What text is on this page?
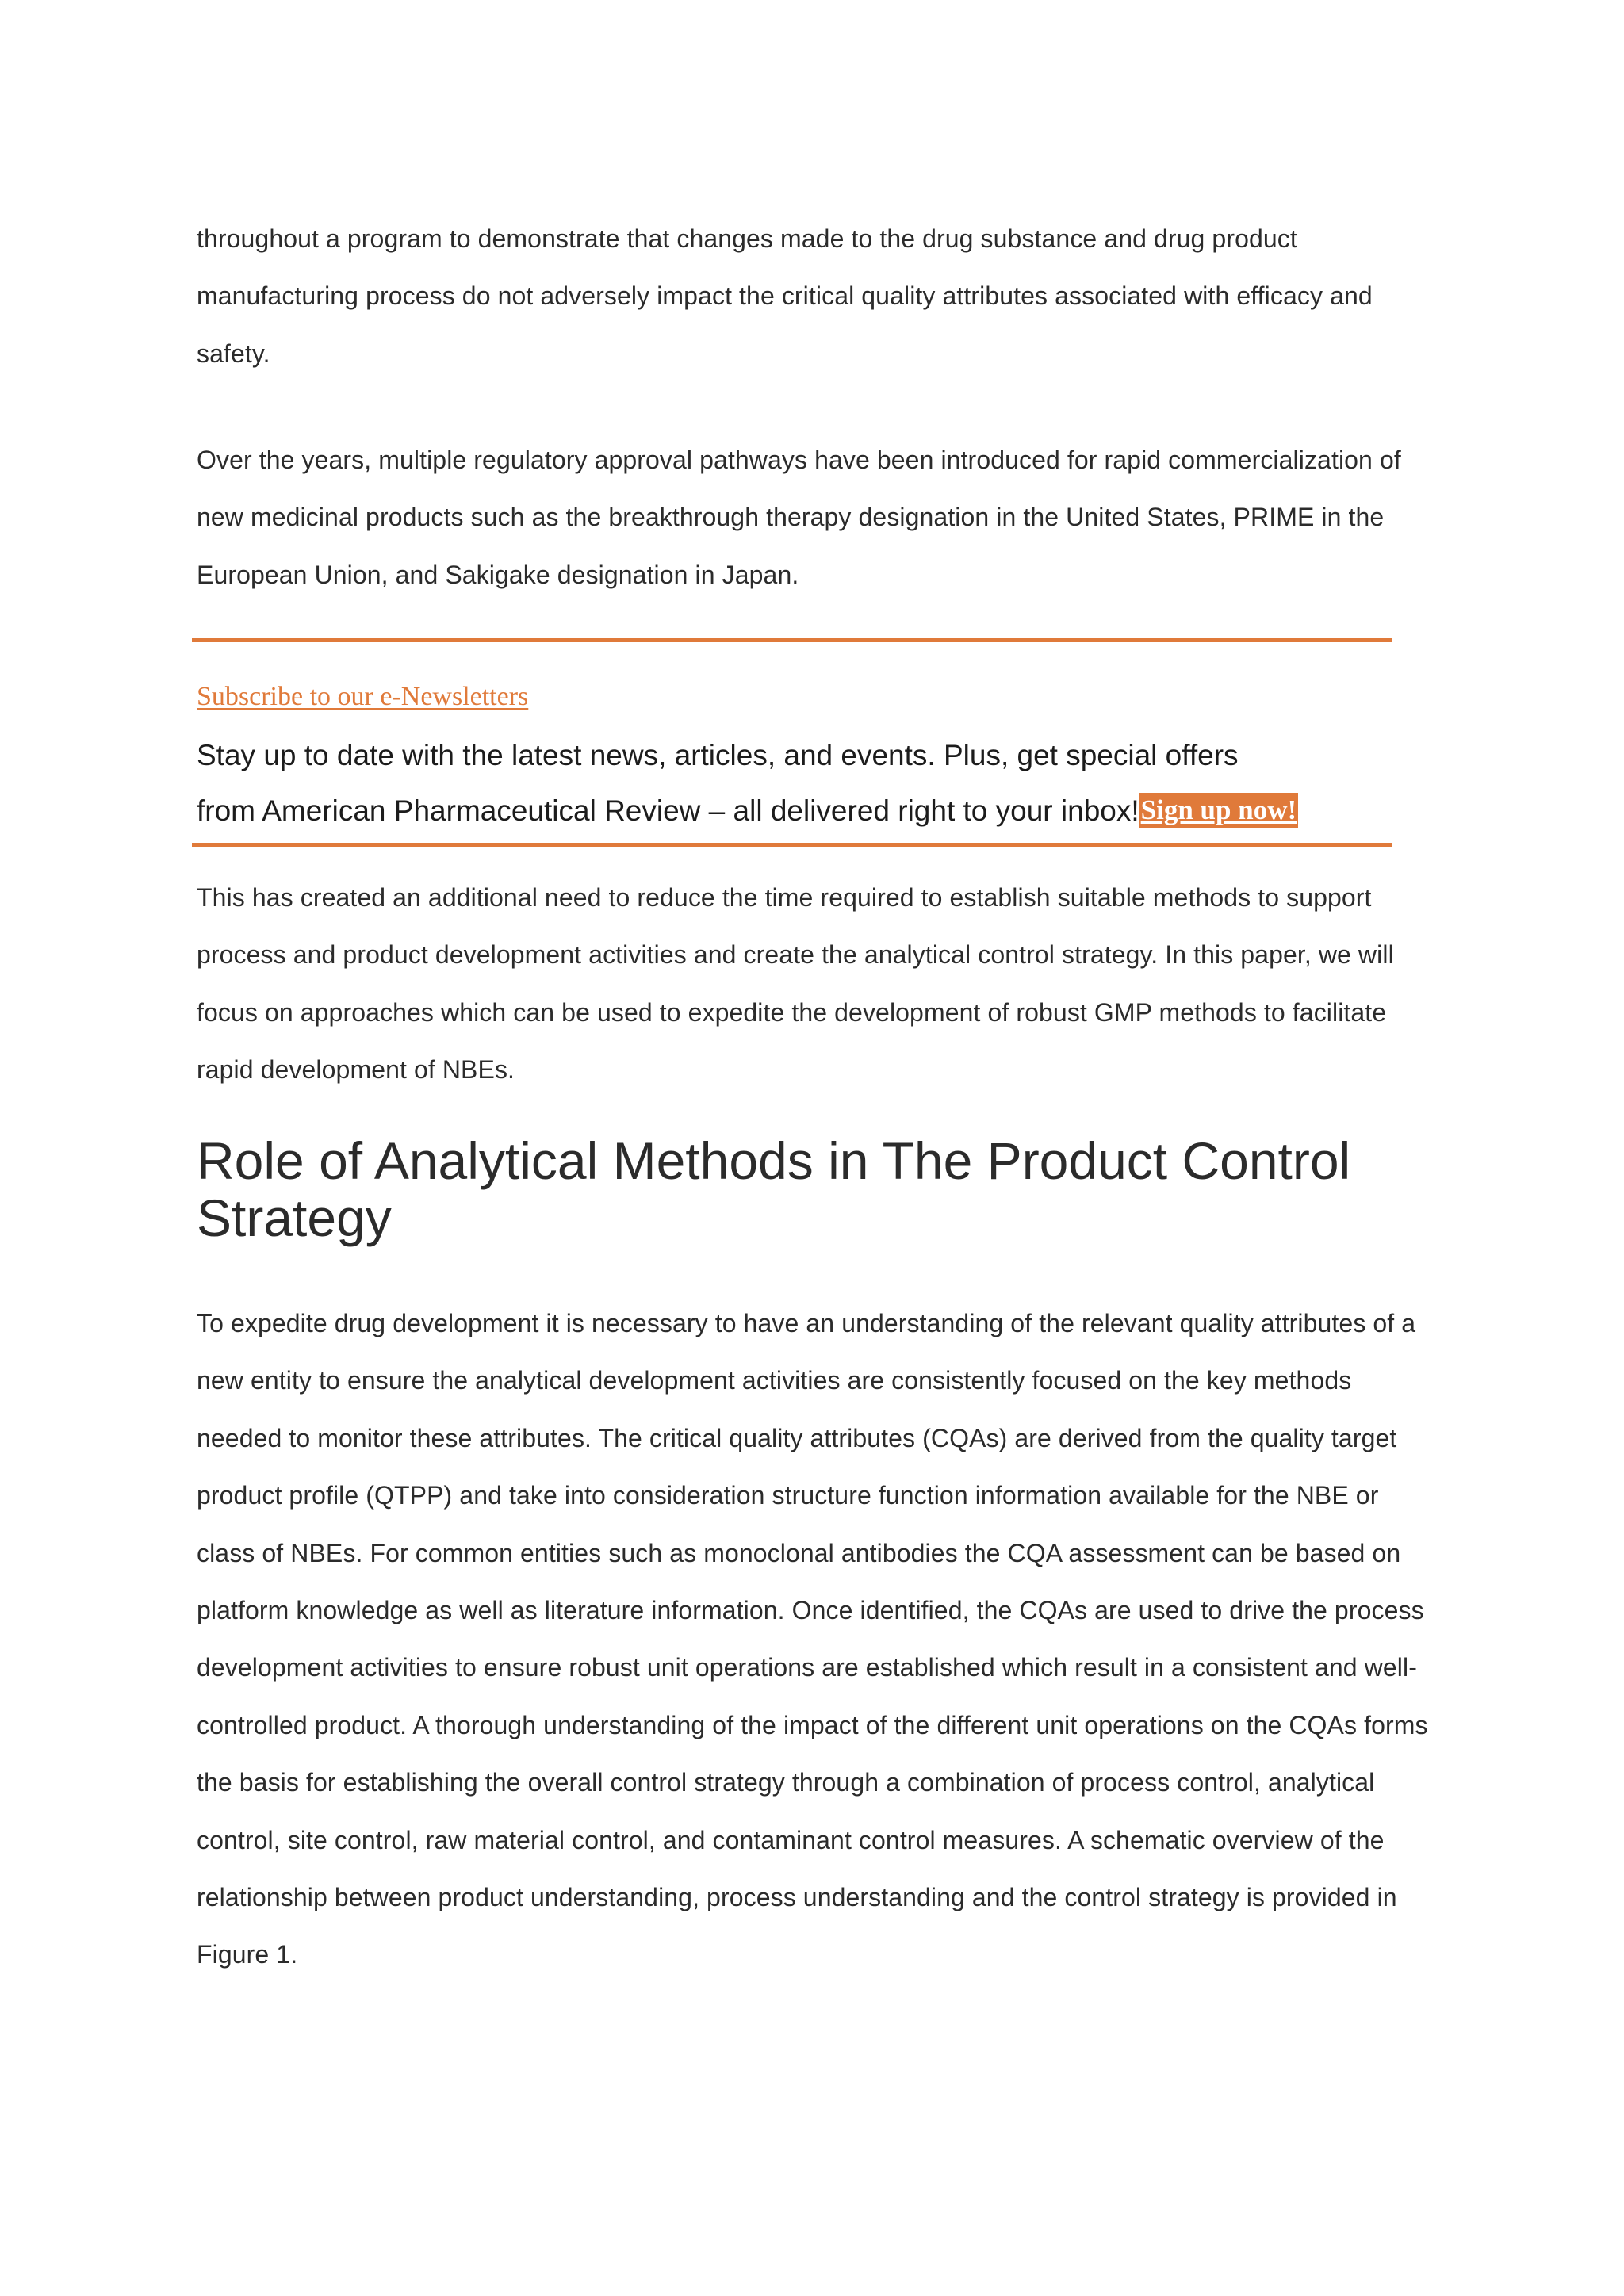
throughout a program to demonstrate that changes made to the drug substance and drug product manufacturing process do not adversely impact the critical quality attributes associated with efficacy and safety.

Over the years, multiple regulatory approval pathways have been introduced for rapid commercialization of new medicinal products such as the breakthrough therapy designation in the United States, PRIME in the European Union, and Sakigake designation in Japan.

Subscribe to our e-Newsletters
Stay up to date with the latest news, articles, and events. Plus, get special offers
from American Pharmaceutical Review – all delivered right to your inbox!Sign up now!

This has created an additional need to reduce the time required to establish suitable methods to support process and product development activities and create the analytical control strategy. In this paper, we will focus on approaches which can be used to expedite the development of robust GMP methods to facilitate rapid development of NBEs.

Role of Analytical Methods in The Product Control Strategy

To expedite drug development it is necessary to have an understanding of the relevant quality attributes of a new entity to ensure the analytical development activities are consistently focused on the key methods needed to monitor these attributes. The critical quality attributes (CQAs) are derived from the quality target product profile (QTPP) and take into consideration structure function information available for the NBE or class of NBEs. For common entities such as monoclonal antibodies the CQA assessment can be based on platform knowledge as well as literature information. Once identified, the CQAs are used to drive the process development activities to ensure robust unit operations are established which result in a consistent and well-controlled product. A thorough understanding of the impact of the different unit operations on the CQAs forms the basis for establishing the overall control strategy through a combination of process control, analytical control, site control, raw material control, and contaminant control measures. A schematic overview of the relationship between product understanding, process understanding and the control strategy is provided in Figure 1.
